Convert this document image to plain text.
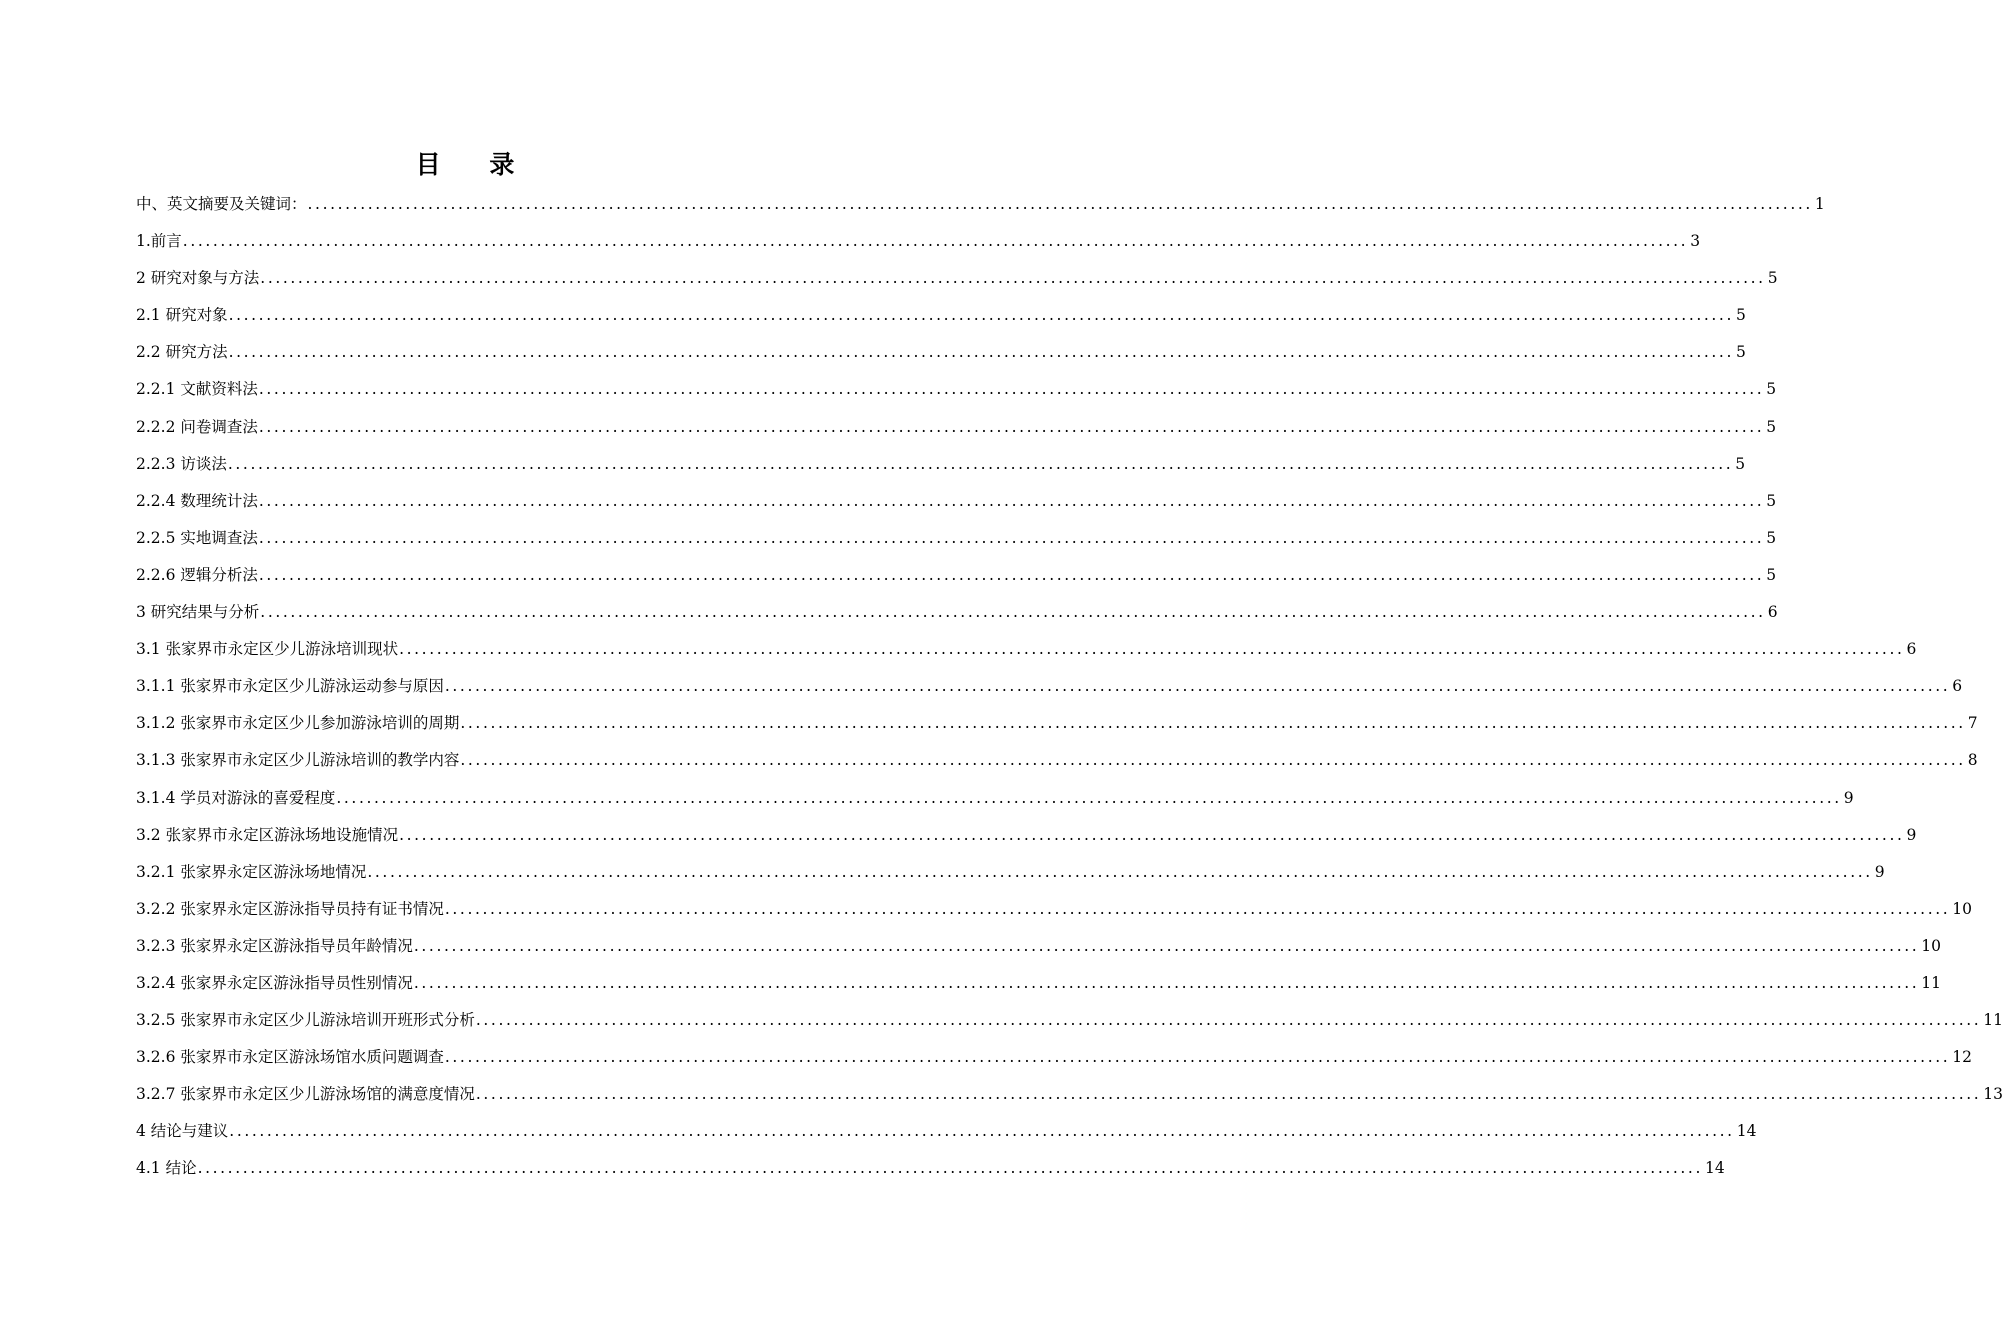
目 录
中、英文摘要及关键词： ........................................................................................................................................................................................................ 1
1.前言 ........................................................................................................................................................................................................ 3
2 研究对象与方法 ........................................................................................................................................................................................................ 5
2.1 研究对象 ........................................................................................................................................................................................................ 5
2.2 研究方法 ........................................................................................................................................................................................................ 5
2.2.1 文献资料法 ........................................................................................................................................................................................................ 5
2.2.2 问卷调查法 ........................................................................................................................................................................................................ 5
2.2.3 访谈法 ........................................................................................................................................................................................................ 5
2.2.4 数理统计法 ........................................................................................................................................................................................................ 5
2.2.5 实地调查法 ........................................................................................................................................................................................................ 5
2.2.6 逻辑分析法 ........................................................................................................................................................................................................ 5
3 研究结果与分析 ........................................................................................................................................................................................................ 6
3.1 张家界市永定区少儿游泳培训现状 ........................................................................................................................................................................................................ 6
3.1.1 张家界市永定区少儿游泳运动参与原因 ........................................................................................................................................................................................................ 6
3.1.2 张家界市永定区少儿参加游泳培训的周期 ........................................................................................................................................................................................................ 7
3.1.3 张家界市永定区少儿游泳培训的教学内容 ........................................................................................................................................................................................................ 8
3.1.4 学员对游泳的喜爱程度 ........................................................................................................................................................................................................ 9
3.2 张家界市永定区游泳场地设施情况 ........................................................................................................................................................................................................ 9
3.2.1 张家界永定区游泳场地情况 ........................................................................................................................................................................................................ 9
3.2.2 张家界永定区游泳指导员持有证书情况 ........................................................................................................................................................................................................ 10
3.2.3 张家界永定区游泳指导员年龄情况 ........................................................................................................................................................................................................ 10
3.2.4 张家界永定区游泳指导员性别情况 ........................................................................................................................................................................................................ 11
3.2.5 张家界市永定区少儿游泳培训开班形式分析 ........................................................................................................................................................................................................ 11
3.2.6 张家界市永定区游泳场馆水质问题调查 ........................................................................................................................................................................................................ 12
3.2.7 张家界市永定区少儿游泳场馆的满意度情况 ........................................................................................................................................................................................................ 13
4 结论与建议 ........................................................................................................................................................................................................ 14
4.1 结论 ........................................................................................................................................................................................................ 14
